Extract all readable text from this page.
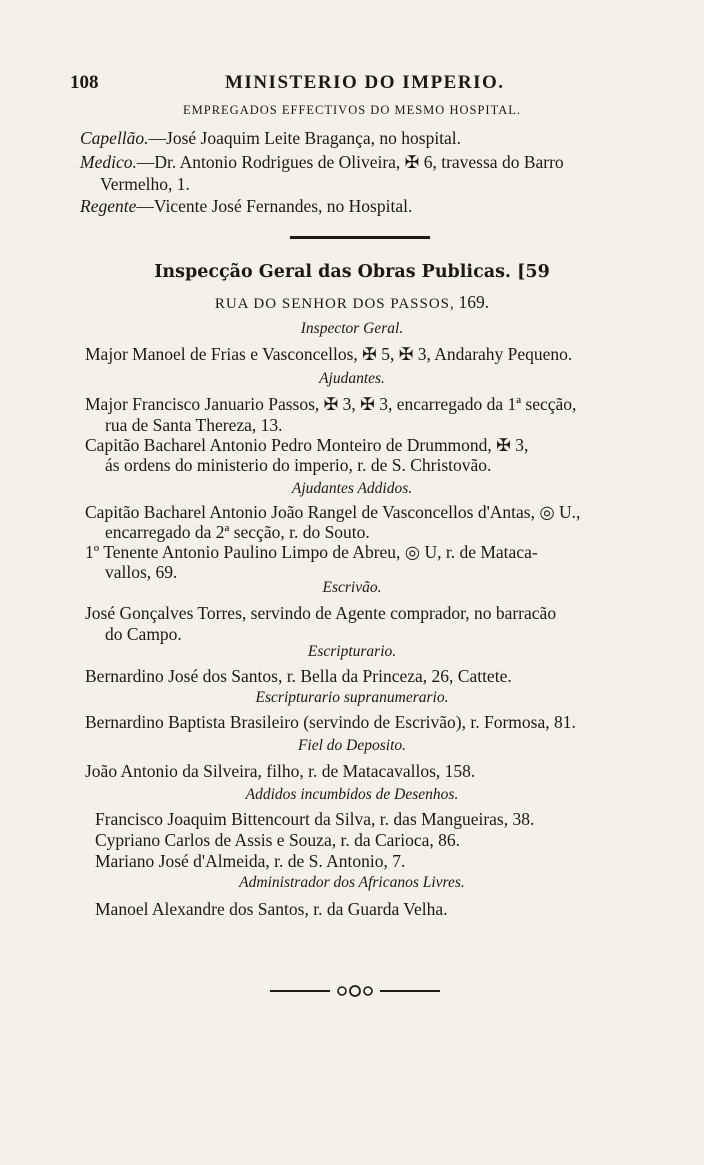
108	MINISTERIO DO IMPERIO.
EMPREGADOS EFFECTIVOS DO MESMO HOSPITAL.
Capellão.—José Joaquim Leite Bragança, no hospital.
Medico.—Dr. Antonio Rodrigues de Oliveira, ✠ 6, travessa do Barro
Vermelho, 1.
Regente—Vicente José Fernandes, no Hospital.
Inspecção Geral das Obras Publicas. [59
RUA DO SENHOR DOS PASSOS, 169.
Inspector Geral.
Major Manoel de Frias e Vasconcellos, ✠ 5, ✠ 3, Andarahy Pequeno.
Ajudantes.
Major Francisco Januario Passos, ✠ 3, ✠ 3, encarregado da 1ª secção,
rua de Santa Thereza, 13.
Capitão Bacharel Antonio Pedro Monteiro de Drummond, ✠ 3,
ás ordens do ministerio do imperio, r. de S. Christovão.
Ajudantes Addidos.
Capitão Bacharel Antonio João Rangel de Vasconcellos d'Antas, ◎ U.,
encarregado da 2ª secção, r. do Souto.
1º Tenente Antonio Paulino Limpo de Abreu, ◎ U, r. de Mataca-
vallos, 69.
Escrivão.
José Gonçalves Torres, servindo de Agente comprador, no barracão
do Campo.
Escripturario.
Bernardino José dos Santos, r. Bella da Princeza, 26, Cattete.
Escripturario supranumerario.
Bernardino Baptista Brasileiro (servindo de Escrivão), r. Formosa, 81.
Fiel do Deposito.
João Antonio da Silveira, filho, r. de Matacavallos, 158.
Addidos incumbidos de Desenhos.
Francisco Joaquim Bittencourt da Silva, r. das Mangueiras, 38.
Cypriano Carlos de Assis e Souza, r. da Carioca, 86.
Mariano José d'Almeida, r. de S. Antonio, 7.
Administrador dos Africanos Livres.
Manoel Alexandre dos Santos, r. da Guarda Velha.
